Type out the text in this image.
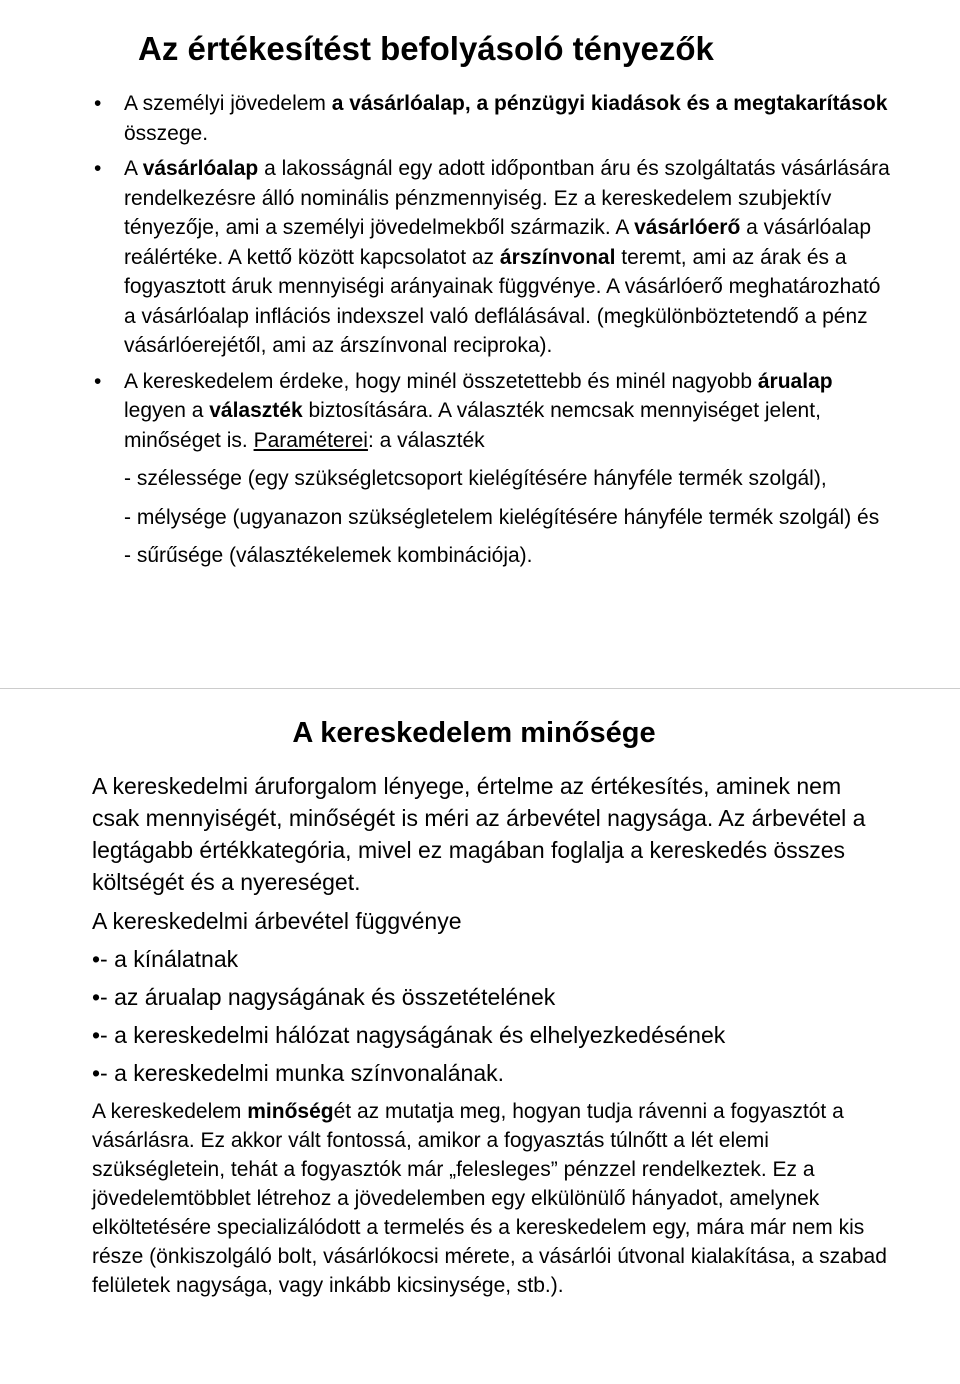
Az értékesítést befolyásoló tényezők
• A személyi jövedelem a vásárlóalap, a pénzügyi kiadások és a megtakarítások összege.
• A vásárlóalap a lakosságnál egy adott időpontban áru és szolgáltatás vásárlására rendelkezésre álló nominális pénzmennyiség. Ez a kereskedelem szubjektív tényezője, ami a személyi jövedelmekből származik. A vásárlóerő a vásárlóalap reálértéke. A kettő között kapcsolatot az árszínvonal teremt, ami az árak és a fogyasztott áruk mennyiségi arányainak függvénye. A vásárlóerő meghatározható a vásárlóalap inflációs indexszel való deflálásával. (megkülönböztetendő a pénz vásárlóerejétől, ami az árszínvonal reciproka).

• A kereskedelem érdeke, hogy minél összetettebb és minél nagyobb árualap legyen a választék biztosítására. A választék nemcsak mennyiséget jelent, minőséget is. Paraméterei: a választék

- szélessége (egy szükségletcsoport kielégítésére hányféle termék szolgál),

- mélysége (ugyanazon szükségletelem kielégítésére hányféle termék szolgál) és

- sűrűsége (választékelemek kombinációja).

A kereskedelem minősége

A kereskedelmi áruforgalom lényege, értelme az értékesítés, aminek nem csak mennyiségét, minőségét is méri az árbevétel nagysága. Az árbevétel a legtágabb értékkategória, mivel ez magában foglalja a kereskedés összes költségét és a nyereséget.

A kereskedelmi árbevétel függvénye

•- a kínálatnak

•- az árualap nagyságának és összetételének

•- a kereskedelmi hálózat nagyságának és elhelyezkedésének

•- a kereskedelmi munka színvonalának.

A kereskedelem minőségét az mutatja meg, hogyan tudja rávenni a fogyasztót a vásárlásra. Ez akkor vált fontossá, amikor a fogyasztás túlnőtt a lét elemi szükségletein, tehát a fogyasztók már „felesleges” pénzzel rendelkeztek. Ez a jövedelemtöbblet létrehoz a jövedelemben egy elkülönülő hányadot, amelynek elköltetésére specializálódott a termelés és a kereskedelem egy, mára már nem kis része (önkiszolgáló bolt, vásárlókocsi mérete, a vásárlói útvonal kialakítása, a szabad felületek nagysága, vagy inkább kicsinysége, stb.).
